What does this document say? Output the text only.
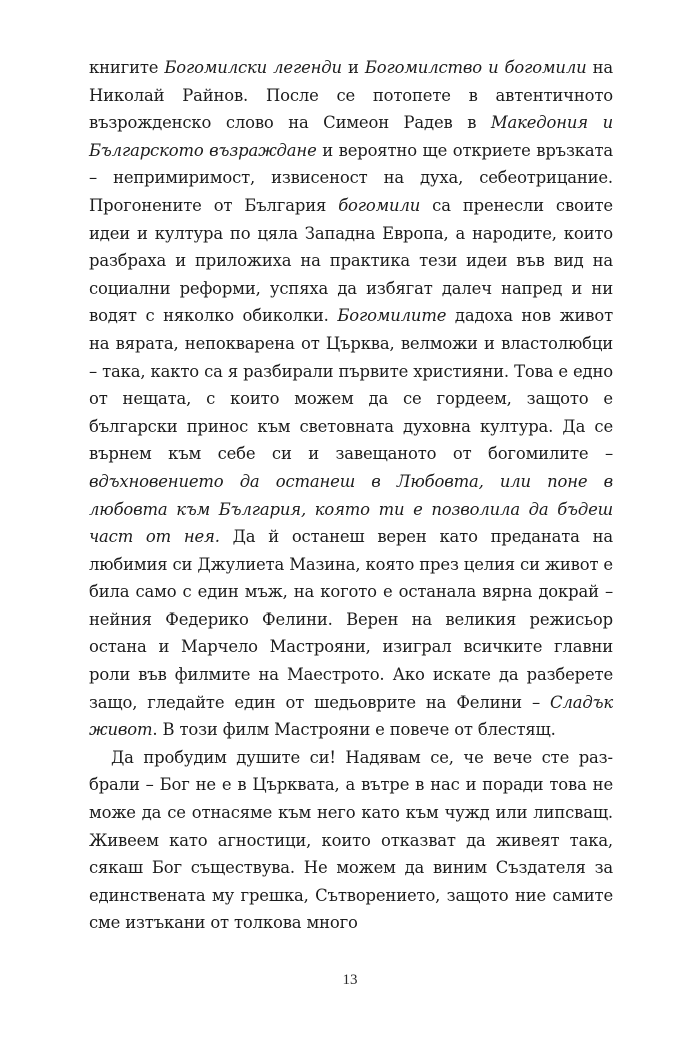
книгите Богомилски легенди и Богомилство и богомили на Николай Райнов. После се потопете в автентичното възрожденско слово на Симеон Радев в Македония и Българското възраждане и вероятно ще откриете връзката – непримиримост, извисеност на духа, себеотрицание. Прогонените от България богомили са пренесли своите идеи и култура по цяла Западна Европа, а народите, които разбраха и приложиха на практика тези идеи във вид на социални реформи, успяха да избягат далеч напред и ни водят с няколко обиколки. Богомилите дадоха нов живот на вярата, непокварена от Църква, велможи и властолюбци – така, както са я разбирали първите християни. Това е едно от нещата, с които можем да се гордеем, защото е български принос към световната духовна култура. Да се върнем към себе си и завещаното от богомилите – вдъхновението да останеш в Любовта, или поне в любовта към България, която ти е позволила да бъдеш част от нея. Да й останеш верен като преданата на любимия си Джулиета Мазина, която през целия си живот е била само с един мъж, на когото е останала вярна докрай – нейния Федерико Фелини. Верен на великия режисьор остана и Марчело Мастрояни, изиграл всичките главни роли във филмите на Маестрото. Ако искате да разберете защо, гледайте един от шедьоврите на Фелини – Сладък живот. В този филм Мастрояни е повече от блестящ.

Да пробудим душите си! Надявам се, че вече сте разбрали – Бог не е в Църквата, а вътре в нас и поради това не може да се отнасяме към него като към чужд или липсващ. Живеем като агностици, които отказват да живеят така, сякаш Бог съществува. Не можем да виним Създателя за единствената му грешка, Сътворението, защото ние самите сме изтъкани от толкова много

13
